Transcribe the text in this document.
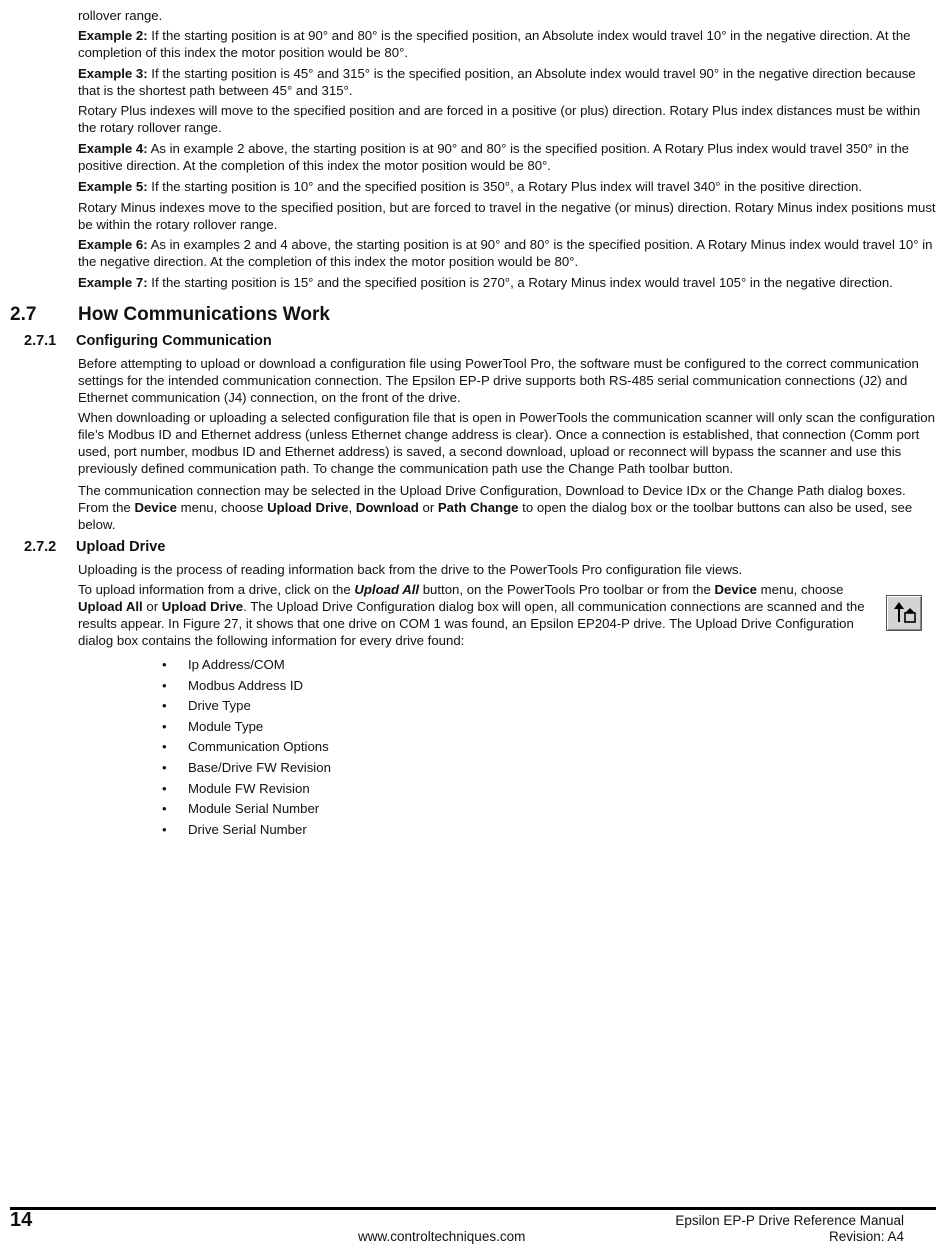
rollover range.

Example 2: If the starting position is at 90° and 80° is the specified position, an Absolute index would travel 10° in the negative direction. At the completion of this index the motor position would be 80°.

Example 3: If the starting position is 45° and 315° is the specified position, an Absolute index would travel 90° in the negative direction because that is the shortest path between 45° and 315°.

Rotary Plus indexes will move to the specified position and are forced in a positive (or plus) direction. Rotary Plus index distances must be within the rotary rollover range.

Example 4: As in example 2 above, the starting position is at 90° and 80° is the specified position. A Rotary Plus index would travel 350° in the positive direction. At the completion of this index the motor position would be 80°.

Example 5: If the starting position is 10° and the specified position is 350°, a Rotary Plus index will travel 340° in the positive direction.

Rotary Minus indexes move to the specified position, but are forced to travel in the negative (or minus) direction. Rotary Minus index positions must be within the rotary rollover range.

Example 6: As in examples 2 and 4 above, the starting position is at 90° and 80° is the specified position. A Rotary Minus index would travel 10° in the negative direction. At the completion of this index the motor position would be 80°.

Example 7: If the starting position is 15° and the specified position is 270°, a Rotary Minus index would travel 105° in the negative direction.

2.7 How Communications Work
2.7.1 Configuring Communication

Before attempting to upload or download a configuration file using PowerTool Pro, the software must be configured to the correct communication settings for the intended communication connection. The Epsilon EP-P drive supports both RS-485 serial communication connections (J2) and Ethernet communication (J4) connection, on the front of the drive.

When downloading or uploading a selected configuration file that is open in PowerTools the communication scanner will only scan the configuration file’s Modbus ID and Ethernet address (unless Ethernet change address is clear). Once a connection is established, that connection (Comm port used, port number, modbus ID and Ethernet address) is saved, a second download, upload or reconnect will bypass the scanner and use this previously defined communication path. To change the communication path use the Change Path toolbar button.

The communication connection may be selected in the Upload Drive Configuration, Download to Device IDx or the Change Path dialog boxes. From the Device menu, choose Upload Drive, Download or Path Change to open the dialog box or the toolbar buttons can also be used, see below.

2.7.2 Upload Drive

Uploading is the process of reading information back from the drive to the PowerTools Pro configuration file views.

To upload information from a drive, click on the Upload All button, on the PowerTools Pro toolbar or from the Device menu, choose Upload All or Upload Drive. The Upload Drive Configuration dialog box will open, all communication connections are scanned and the results appear. In Figure 27, it shows that one drive on COM 1 was found, an Epsilon EP204-P drive. The Upload Drive Configuration dialog box contains the following information for every drive found:

• Ip Address/COM
• Modbus Address ID
• Drive Type
• Module Type
• Communication Options
• Base/Drive FW Revision
• Module FW Revision
• Module Serial Number
• Drive Serial Number
14	Epsilon EP-P Drive Reference Manual
www.controltechniques.com	Revision: A4
